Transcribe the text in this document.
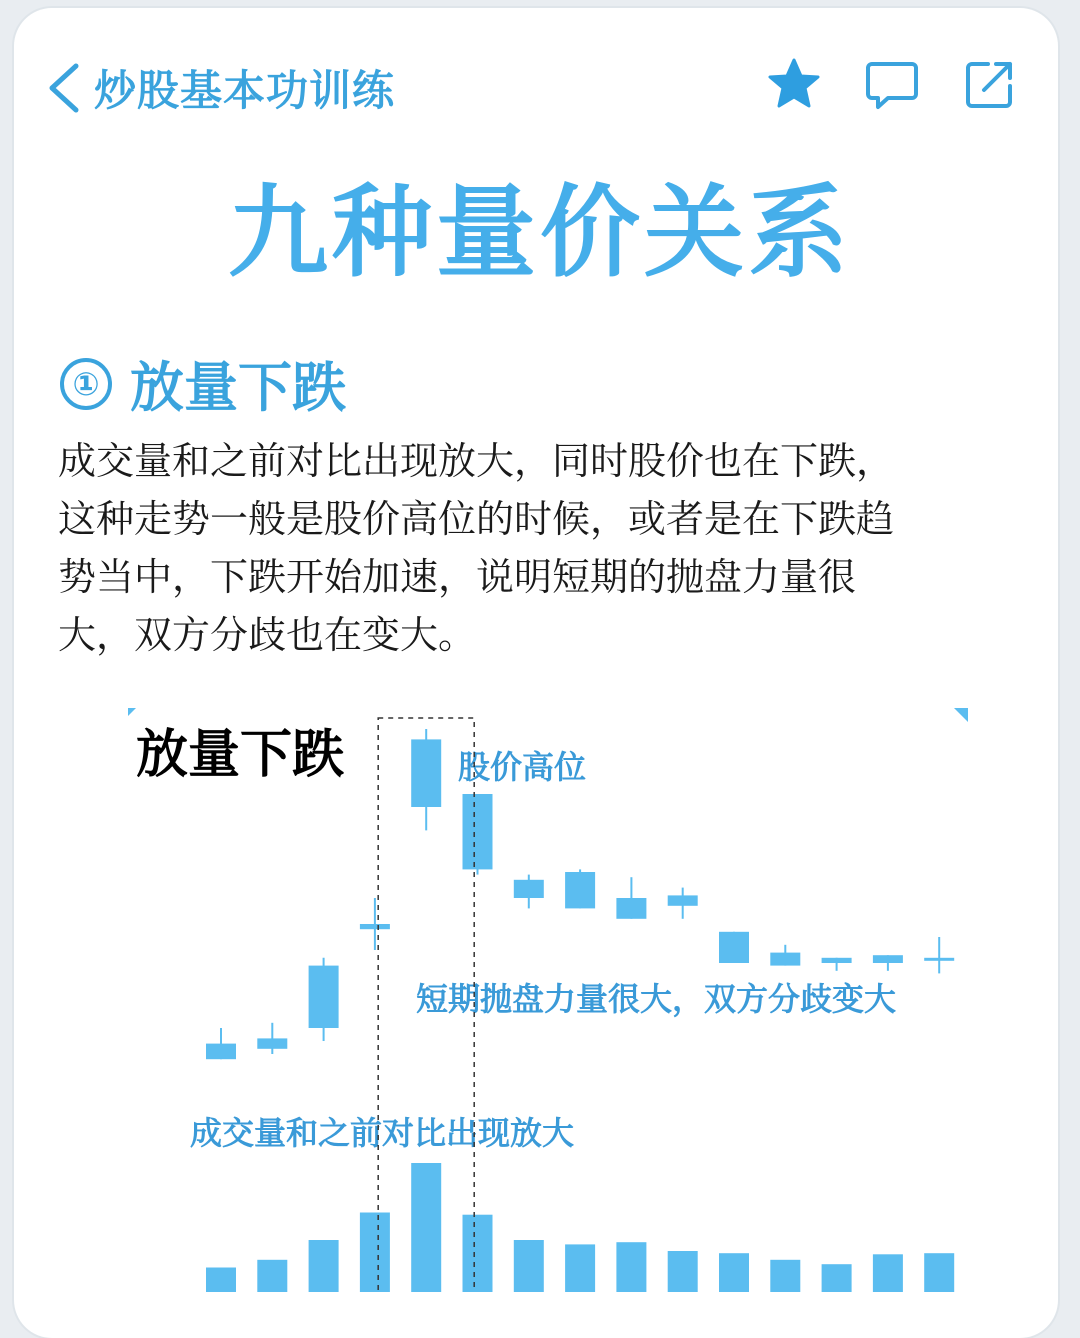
炒股基本功训练
九种量价关系
① 放量下跌
成交量和之前对比出现放大，同时股价也在下跌，
这种走势一般是股价高位的时候，或者是在下跌趋
势当中，下跌开始加速，说明短期的抛盘力量很
大，双方分歧也在变大。
放量下跌	股价高位
短期抛盘力量很大，双方分歧变大
成交量和之前对比出现放大
